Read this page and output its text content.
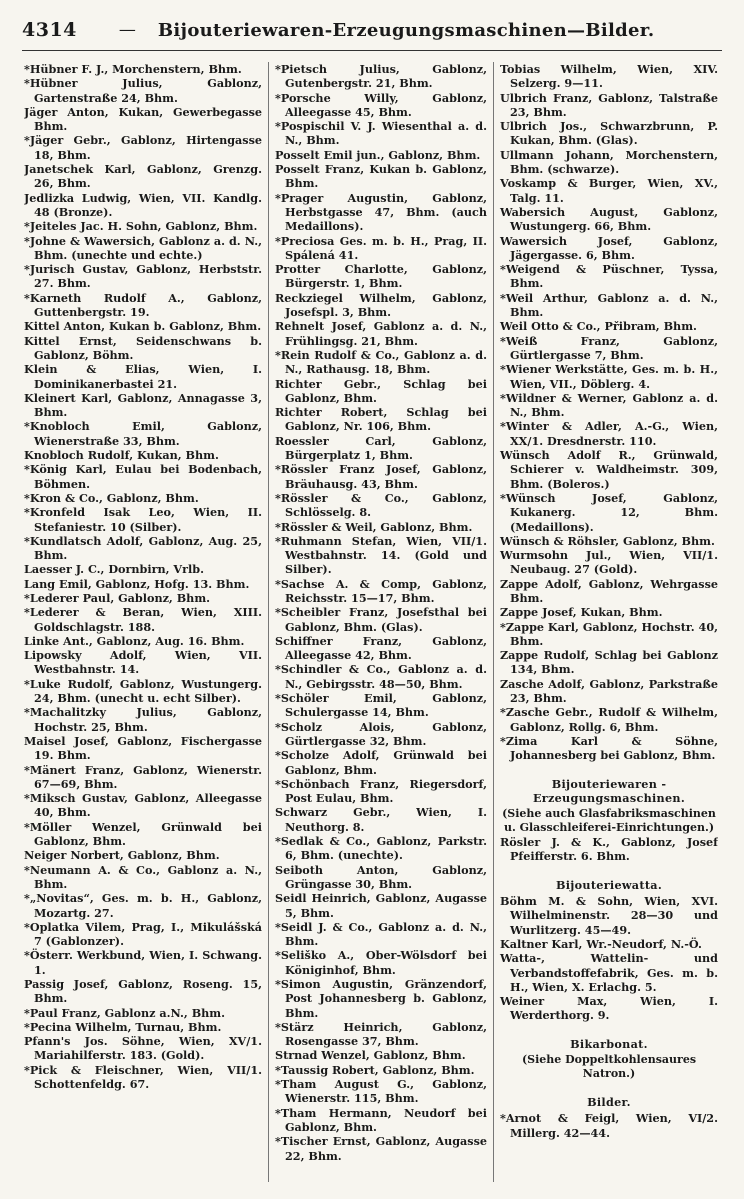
4314 — Bijouteriewaren-Erzeugungsmaschinen—Bilder.

*Hübner F. J., Morchenstern, Bhm.

*Hübner Julius, Gablonz, Gartenstraße 24, Bhm.

Jäger Anton, Kukan, Gewerbegasse Bhm.

*Jäger Gebr., Gablonz, Hirtengasse 18, Bhm.

Janetschek Karl, Gablonz, Grenzg. 26, Bhm.

Jedlizka Ludwig, Wien, VII. Kandlg. 48 (Bronze).

*Jeiteles Jac. H. Sohn, Gablonz, Bhm.

*Johne & Wawersich, Gablonz a. d. N., Bhm. (unechte und echte.)

*Jurisch Gustav, Gablonz, Herbststr. 27. Bhm.

*Karneth Rudolf A., Gablonz, Guttenbergstr. 19.

Kittel Anton, Kukan b. Gablonz, Bhm.

Kittel Ernst, Seidenschwans b. Gablonz, Böhm.

Klein & Elias, Wien, I. Dominikanerbastei 21.

Kleinert Karl, Gablonz, Annagasse 3, Bhm.

*Knobloch Emil, Gablonz, Wienerstraße 33, Bhm.

Knobloch Rudolf, Kukan, Bhm.

*König Karl, Eulau bei Bodenbach, Böhmen.

*Kron & Co., Gablonz, Bhm.

*Kronfeld Isak Leo, Wien, II. Stefaniestr. 10 (Silber).

*Kundlatsch Adolf, Gablonz, Aug. 25, Bhm.

Laesser J. C., Dornbirn, Vrlb.

Lang Emil, Gablonz, Hofg. 13. Bhm.

*Lederer Paul, Gablonz, Bhm.

*Lederer & Beran, Wien, XIII. Goldschlagstr. 188.

Linke Ant., Gablonz, Aug. 16. Bhm.

Lipowsky Adolf, Wien, VII. Westbahnstr. 14.

*Luke Rudolf, Gablonz, Wustungerg. 24, Bhm. (unecht u. echt Silber).

*Machalitzky Julius, Gablonz, Hochstr. 25, Bhm.

Maisel Josef, Gablonz, Fischergasse 19. Bhm.

*Mänert Franz, Gablonz, Wienerstr. 67—69, Bhm.

*Miksch Gustav, Gablonz, Alleegasse 40, Bhm.

*Möller Wenzel, Grünwald bei Gablonz, Bhm.

Neiger Norbert, Gablonz, Bhm.

*Neumann A. & Co., Gablonz a. N., Bhm.

*„Novitas“, Ges. m. b. H., Gablonz, Mozartg. 27.

*Oplatka Vilem, Prag, I., Mikulášská 7 (Gablonzer).

*Österr. Werkbund, Wien, I. Schwang. 1.

Passig Josef, Gablonz, Roseng. 15, Bhm.

*Paul Franz, Gablonz a.N., Bhm.

*Pecina Wilhelm, Turnau, Bhm.

Pfann's Jos. Söhne, Wien, XV/1. Mariahilferstr. 183. (Gold).

*Pick & Fleischner, Wien, VII/1. Schottenfeldg. 67.

*Pietsch Julius, Gablonz, Gutenbergstr. 21, Bhm.

*Porsche Willy, Gablonz, Alleegasse 45, Bhm.

*Pospischil V. J. Wiesenthal a. d. N., Bhm.

Posselt Emil jun., Gablonz, Bhm.

Posselt Franz, Kukan b. Gablonz, Bhm.

*Prager Augustin, Gablonz, Herbstgasse 47, Bhm. (auch Medaillons).

*Preciosa Ges. m. b. H., Prag, II. Spálená 41.

Protter Charlotte, Gablonz, Bürgerstr. 1, Bhm.

Reckziegel Wilhelm, Gablonz, Josefspl. 3, Bhm.

Rehnelt Josef, Gablonz a. d. N., Frühlingsg. 21, Bhm.

*Rein Rudolf & Co., Gablonz a. d. N., Rathausg. 18, Bhm.

Richter Gebr., Schlag bei Gablonz, Bhm.

Richter Robert, Schlag bei Gablonz, Nr. 106, Bhm.

Roessler Carl, Gablonz, Bürgerplatz 1, Bhm.

*Rössler Franz Josef, Gablonz, Bräuhausg. 43, Bhm.

*Rössler & Co., Gablonz, Schlösselg. 8.

*Rössler & Weil, Gablonz, Bhm.

*Ruhmann Stefan, Wien, VII/1. Westbahnstr. 14. (Gold und Silber).

*Sachse A. & Comp, Gablonz, Reichsstr. 15—17, Bhm.

*Scheibler Franz, Josefsthal bei Gablonz, Bhm. (Glas).

Schiffner Franz, Gablonz, Alleegasse 42, Bhm.

*Schindler & Co., Gablonz a. d. N., Gebirgsstr. 48—50, Bhm.

*Schöler Emil, Gablonz, Schulergasse 14, Bhm.

*Scholz Alois, Gablonz, Gürtlergasse 32, Bhm.

*Scholze Adolf, Grünwald bei Gablonz, Bhm.

*Schönbach Franz, Riegersdorf, Post Eulau, Bhm.

Schwarz Gebr., Wien, I. Neuthorg. 8.

*Sedlak & Co., Gablonz, Parkstr. 6, Bhm. (unechte).

Seiboth Anton, Gablonz, Grüngasse 30, Bhm.

Seidl Heinrich, Gablonz, Augasse 5, Bhm.

*Seidl J. & Co., Gablonz a. d. N., Bhm.

*Seliško A., Ober-Wölsdorf bei Königinhof, Bhm.

*Simon Augustin, Gränzendorf, Post Johannesberg b. Gablonz, Bhm.

*Stärz Heinrich, Gablonz, Rosengasse 37, Bhm.

Strnad Wenzel, Gablonz, Bhm.

*Taussig Robert, Gablonz, Bhm.

*Tham August G., Gablonz, Wienerstr. 115, Bhm.

*Tham Hermann, Neudorf bei Gablonz, Bhm.

*Tischer Ernst, Gablonz, Augasse 22, Bhm.

Tobias Wilhelm, Wien, XIV. Selzerg. 9—11.

Ulbrich Franz, Gablonz, Talstraße 23, Bhm.

Ulbrich Jos., Schwarzbrunn, P. Kukan, Bhm. (Glas).

Ullmann Johann, Morchenstern, Bhm. (schwarze).

Voskamp & Burger, Wien, XV., Talg. 11.

Wabersich August, Gablonz, Wustungerg. 66, Bhm.

Wawersich Josef, Gablonz, Jägergasse. 6, Bhm.

*Weigend & Püschner, Tyssa, Bhm.

*Weil Arthur, Gablonz a. d. N., Bhm.

Weil Otto & Co., Přibram, Bhm.

*Weiß Franz, Gablonz, Gürtlergasse 7, Bhm.

*Wiener Werkstätte, Ges. m. b. H., Wien, VII., Döblerg. 4.

*Wildner & Werner, Gablonz a. d. N., Bhm.

*Winter & Adler, A.-G., Wien, XX/1. Dresdnerstr. 110.

Wünsch Adolf R., Grünwald, Schierer v. Waldheimstr. 309, Bhm. (Boleros.)

*Wünsch Josef, Gablonz, Kukanerg. 12, Bhm. (Medaillons).

Wünsch & Röhsler, Gablonz, Bhm.

Wurmsohn Jul., Wien, VII/1. Neubaug. 27 (Gold).

Zappe Adolf, Gablonz, Wehrgasse Bhm.

Zappe Josef, Kukan, Bhm.

*Zappe Karl, Gablonz, Hochstr. 40, Bhm.

Zappe Rudolf, Schlag bei Gablonz 134, Bhm.

Zasche Adolf, Gablonz, Parkstraße 23, Bhm.

*Zasche Gebr., Rudolf & Wilhelm, Gablonz, Rollg. 6, Bhm.

*Zima Karl & Söhne, Johannesberg bei Gablonz, Bhm.

Bijouteriewaren - Erzeugungsmaschinen.

(Siehe auch Glasfabriksmaschinen u. Glasschleiferei-Einrichtungen.)

Rösler J. & K., Gablonz, Josef Pfeifferstr. 6. Bhm.

Bijouteriewatta.

Böhm M. & Sohn, Wien, XVI. Wilhelminenstr. 28—30 und Wurlitzerg. 45—49.

Kaltner Karl, Wr.-Neudorf, N.-Ö.

Watta-, Wattelin- und Verbandstoffefabrik, Ges. m. b. H., Wien, X. Erlachg. 5.

Weiner Max, Wien, I. Werderthorg. 9.

Bikarbonat.

(Siehe Doppeltkohlensaures Natron.)

Bilder.

*Arnot & Feigl, Wien, VI/2. Millerg. 42—44.
